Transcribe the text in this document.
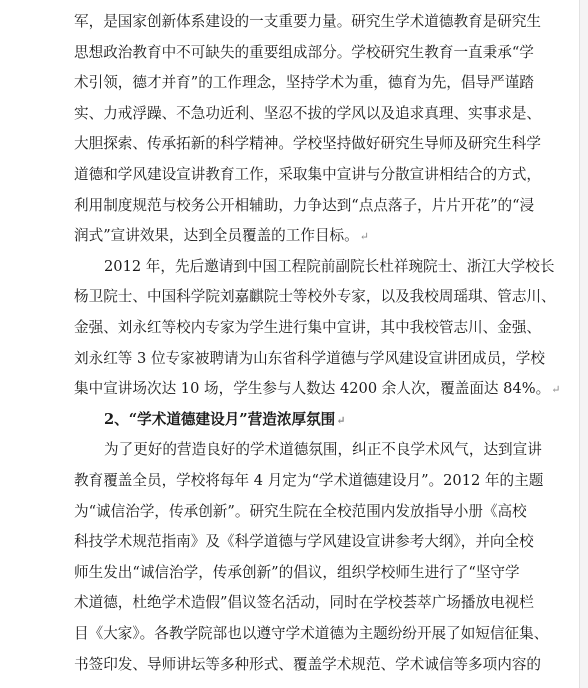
军，是国家创新体系建设的一支重要力量。研究生学术道德教育是研究生
思想政治教育中不可缺失的重要组成部分。学校研究生教育一直秉承“学
术引领，德才并育”的工作理念，坚持学术为重，德育为先，倡导严谨踏
实、力戒浮躁、不急功近利、坚忍不拔的学风以及追求真理、实事求是、
大胆探索、传承拓新的科学精神。学校坚持做好研究生导师及研究生科学
道德和学风建设宣讲教育工作，采取集中宣讲与分散宣讲相结合的方式，
利用制度规范与校务公开相辅助，力争达到“点点落子，片片开花”的“浸
润式”宣讲效果，达到全员覆盖的工作目标。↵
2012 年，先后邀请到中国工程院前副院长杜祥琬院士、浙江大学校长
杨卫院士、中国科学院刘嘉麒院士等校外专家，以及我校周瑶琪、管志川、
金强、刘永红等校内专家为学生进行集中宣讲，其中我校管志川、金强、
刘永红等 3 位专家被聘请为山东省科学道德与学风建设宣讲团成员，学校
集中宣讲场次达 10 场，学生参与人数达 4200 余人次，覆盖面达 84%。↵
2、“学术道德建设月”营造浓厚氛围↵
为了更好的营造良好的学术道德氛围，纠正不良学术风气，达到宣讲
教育覆盖全员，学校将每年 4 月定为“学术道德建设月”。2012 年的主题
为“诚信治学，传承创新”。研究生院在全校范围内发放指导小册《高校
科技学术规范指南》及《科学道德与学风建设宣讲参考大纲》，并向全校
师生发出“诚信治学，传承创新”的倡议，组织学校师生进行了“坚守学
术道德，杜绝学术造假”倡议签名活动，同时在学校荟萃广场播放电视栏
目《大家》。各教学院部也以遵守学术道德为主题纷纷开展了如短信征集、
书签印发、导师讲坛等多种形式、覆盖学术规范、学术诚信等多项内容的
